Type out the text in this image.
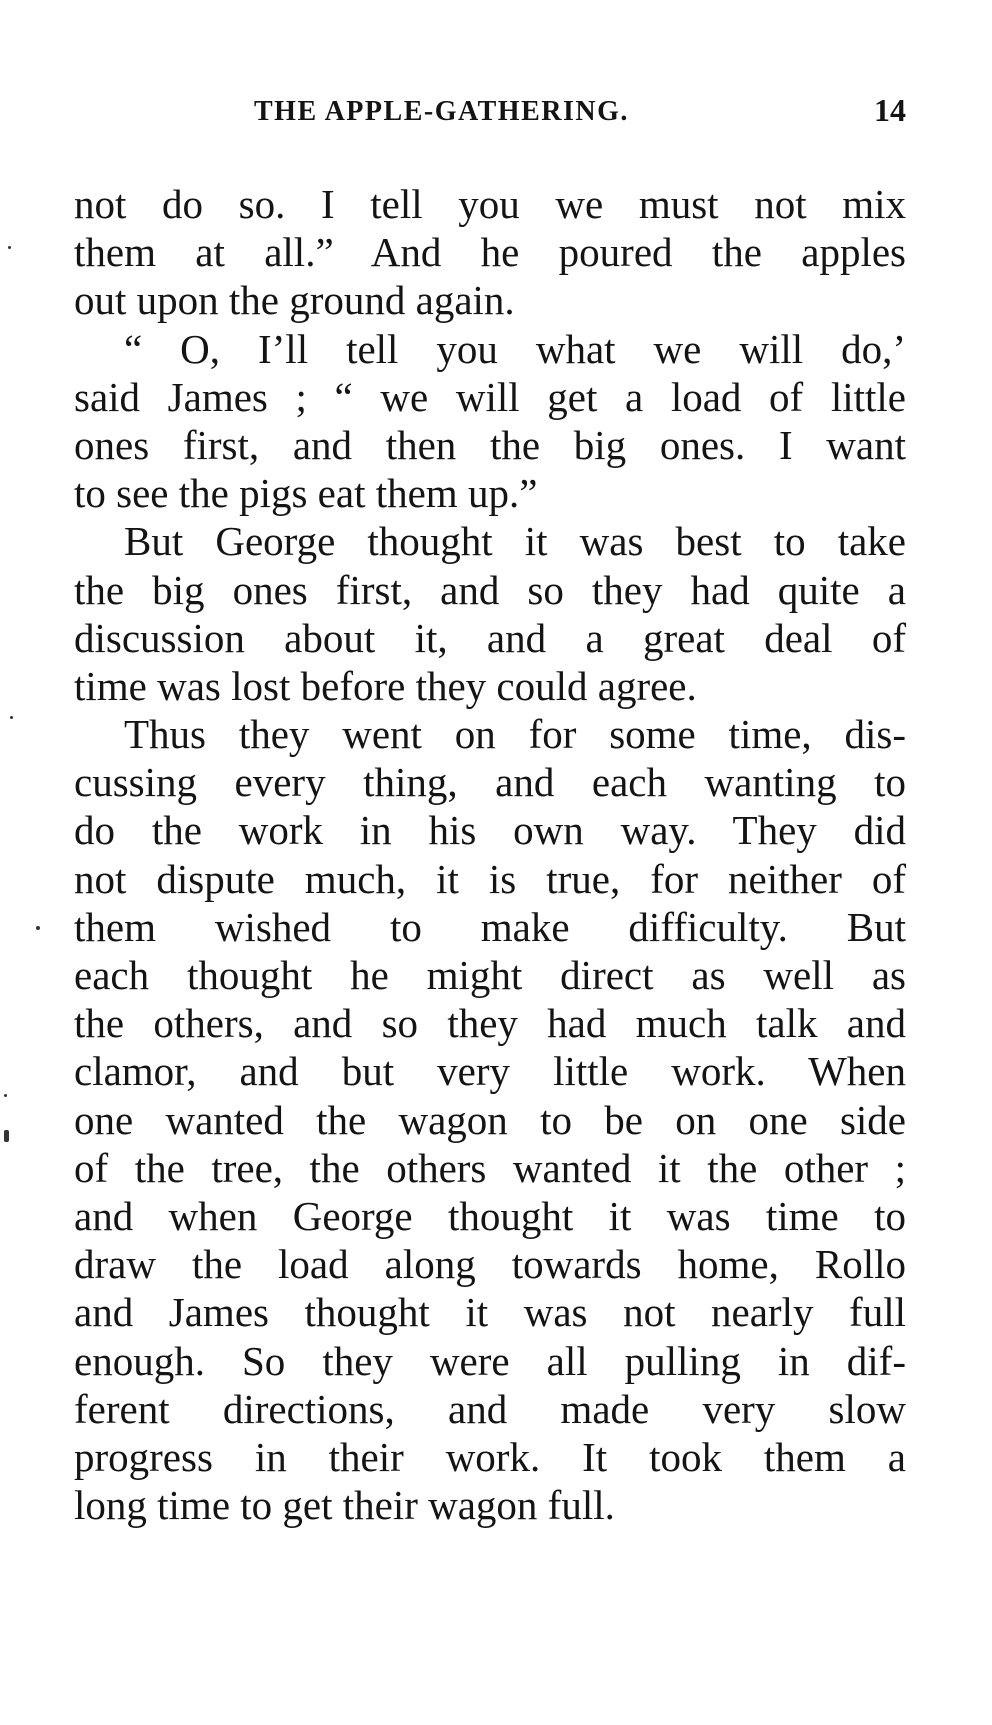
THE APPLE-GATHERING.	14
not do so. I tell you we must not mix
them at all.” And he poured the apples
out upon the ground again.
“ O, I’ll tell you what we will do,’
said James ; “ we will get a load of little
ones first, and then the big ones. I want
to see the pigs eat them up.”
But George thought it was best to take
the big ones first, and so they had quite a
discussion about it, and a great deal of
time was lost before they could agree.
Thus they went on for some time, dis-
cussing every thing, and each wanting to
do the work in his own way. They did
not dispute much, it is true, for neither of
them wished to make difficulty. But
each thought he might direct as well as
the others, and so they had much talk and
clamor, and but very little work. When
one wanted the wagon to be on one side
of the tree, the others wanted it the other ;
and when George thought it was time to
draw the load along towards home, Rollo
and James thought it was not nearly full
enough. So they were all pulling in dif-
ferent directions, and made very slow
progress in their work. It took them a
long time to get their wagon full.
